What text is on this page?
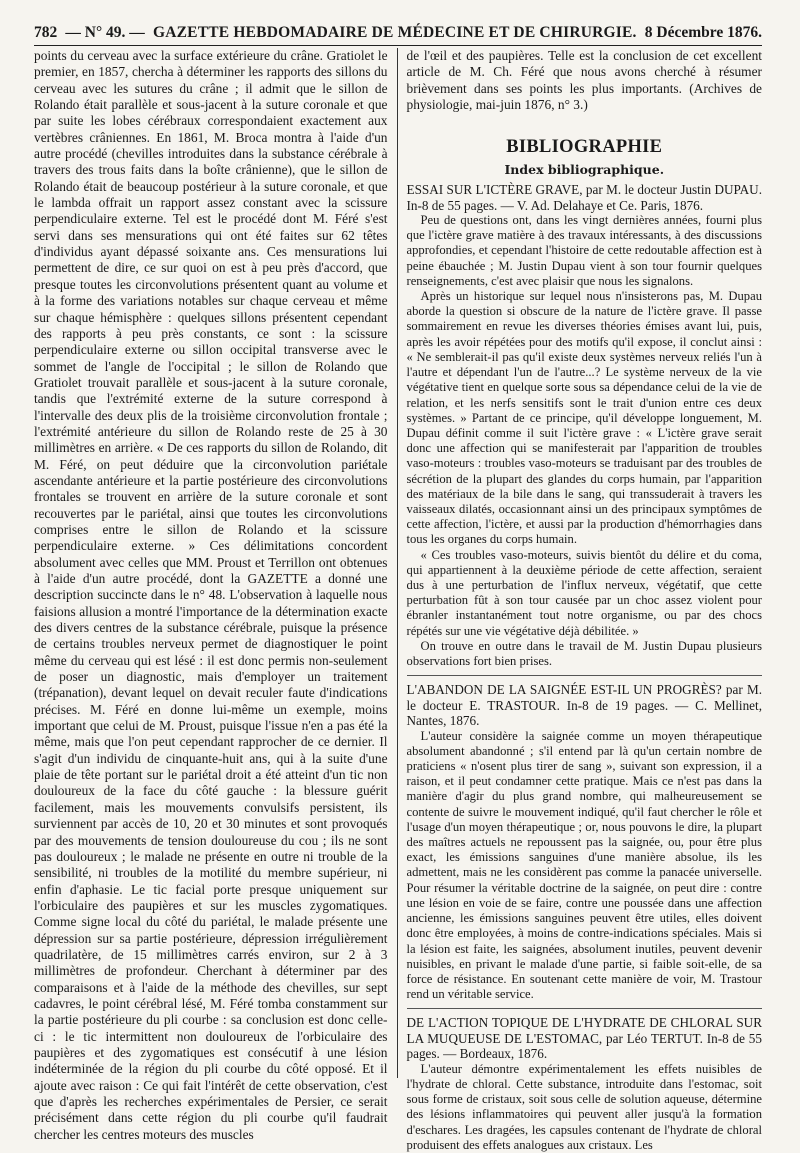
782 — N° 49. — GAZETTE HEBDOMADAIRE DE MÉDECINE ET DE CHIRURGIE. 8 Décembre 1876.

points du cerveau avec la surface extérieure du crâne. Gratiolet le premier, en 1857, chercha à déterminer les rapports des sillons du cerveau avec les sutures du crâne ; il admit que le sillon de Rolando était parallèle et sous-jacent à la suture coronale et que par suite les lobes cérébraux correspondaient exactement aux vertèbres crâniennes. En 1861, M. Broca montra à l'aide d'un autre procédé (chevilles introduites dans la substance cérébrale à travers des trous faits dans la boîte crânienne), que le sillon de Rolando était de beaucoup postérieur à la suture coronale, et que le lambda offrait un rapport assez constant avec la scissure perpendiculaire externe. Tel est le procédé dont M. Féré s'est servi dans ses mensurations qui ont été faites sur 62 têtes d'individus ayant dépassé soixante ans. Ces mensurations lui permettent de dire, ce sur quoi on est à peu près d'accord, que presque toutes les circonvolutions présentent quant au volume et à la forme des variations notables sur chaque cerveau et même sur chaque hémisphère : quelques sillons présentent cependant des rapports à peu près constants, ce sont : la scissure perpendiculaire externe ou sillon occipital transverse avec le sommet de l'angle de l'occipital ; le sillon de Rolando que Gratiolet trouvait parallèle et sous-jacent à la suture coronale, tandis que l'extrémité externe de la suture correspond à l'intervalle des deux plis de la troisième circonvolution frontale ; l'extrémité antérieure du sillon de Rolando reste de 25 à 30 millimètres en arrière. « De ces rapports du sillon de Rolando, dit M. Féré, on peut déduire que la circonvolution pariétale ascendante antérieure et la partie postérieure des circonvolutions frontales se trouvent en arrière de la suture coronale et sont recouvertes par le pariétal, ainsi que toutes les circonvolutions comprises entre le sillon de Rolando et la scissure perpendiculaire externe. » Ces délimitations concordent absolument avec celles que MM. Proust et Terrillon ont obtenues à l'aide d'un autre procédé, dont la GAZETTE a donné une description succincte dans le n° 48. L'observation à laquelle nous faisions allusion a montré l'importance de la détermination exacte des divers centres de la substance cérébrale, puisque la présence de certains troubles nerveux permet de diagnostiquer le point même du cerveau qui est lésé : il est donc permis non-seulement de poser un diagnostic, mais d'employer un traitement (trépanation), devant lequel on devait reculer faute d'indications précises. M. Féré en donne lui-même un exemple, moins important que celui de M. Proust, puisque l'issue n'en a pas été la même, mais que l'on peut cependant rapprocher de ce dernier. Il s'agit d'un individu de cinquante-huit ans, qui à la suite d'une plaie de tête portant sur le pariétal droit a été atteint d'un tic non douloureux de la face du côté gauche : la blessure guérit facilement, mais les mouvements convulsifs persistent, ils surviennent par accès de 10, 20 et 30 minutes et sont provoqués par des mouvements de tension douloureuse du cou ; ils ne sont pas douloureux ; le malade ne présente en outre ni trouble de la sensibilité, ni troubles de la motilité du membre supérieur, ni enfin d'aphasie. Le tic facial porte presque uniquement sur l'orbiculaire des paupières et sur les muscles zygomatiques. Comme signe local du côté du pariétal, le malade présente une dépression sur sa partie postérieure, dépression irrégulièrement quadrilatère, de 15 millimètres carrés environ, sur 2 à 3 millimètres de profondeur. Cherchant à déterminer par des comparaisons et à l'aide de la méthode des chevilles, sur sept cadavres, le point cérébral lésé, M. Féré tomba constamment sur la partie postérieure du pli courbe : sa conclusion est donc celle-ci : le tic intermittent non douloureux de l'orbiculaire des paupières et des zygomatiques est consécutif à une lésion indéterminée de la région du pli courbe du côté opposé. Et il ajoute avec raison : Ce qui fait l'intérêt de cette observation, c'est que d'après les recherches expérimentales de Persier, ce serait précisément dans cette région du pli courbe qu'il faudrait chercher les centres moteurs des muscles

de l'œil et des paupières. Telle est la conclusion de cet excellent article de M. Ch. Féré que nous avons cherché à résumer brièvement dans ses points les plus importants. (Archives de physiologie, mai-juin 1876, n° 3.)

BIBLIOGRAPHIE
Index bibliographique.

ESSAI SUR L'ICTÈRE GRAVE, par M. le docteur Justin DUPAU. In-8 de 55 pages. — V. Ad. Delahaye et Ce. Paris, 1876.

Peu de questions ont, dans les vingt dernières années, fourni plus que l'ictère grave matière à des travaux intéressants, à des discussions approfondies, et cependant l'histoire de cette redoutable affection est à peine ébauchée ; M. Justin Dupau vient à son tour fournir quelques renseignements, c'est avec plaisir que nous les signalons.

Après un historique sur lequel nous n'insisterons pas, M. Dupau aborde la question si obscure de la nature de l'ictère grave. Il passe sommairement en revue les diverses théories émises avant lui, puis, après les avoir répétées pour des motifs qu'il expose, il conclut ainsi : « Ne semblerait-il pas qu'il existe deux systèmes nerveux reliés l'un à l'autre et dépendant l'un de l'autre...? Le système nerveux de la vie végétative tient en quelque sorte sous sa dépendance celui de la vie de relation, et les nerfs sensitifs sont le trait d'union entre ces deux systèmes. » Partant de ce principe, qu'il développe longuement, M. Dupau définit comme il suit l'ictère grave : « L'ictère grave serait donc une affection qui se manifesterait par l'apparition de troubles vaso-moteurs : troubles vaso-moteurs se traduisant par des troubles de sécrétion de la plupart des glandes du corps humain, par l'apparition des matériaux de la bile dans le sang, qui transsuderait à travers les vaisseaux dilatés, occasionnant ainsi un des principaux symptômes de cette affection, l'ictère, et aussi par la production d'hémorrhagies dans tous les organes du corps humain.

« Ces troubles vaso-moteurs, suivis bientôt du délire et du coma, qui appartiennent à la deuxième période de cette affection, seraient dus à une perturbation de l'influx nerveux, végétatif, que cette perturbation fût à son tour causée par un choc assez violent pour ébranler instantanément tout notre organisme, ou par des chocs répétés sur une vie végétative déjà débilitée. »

On trouve en outre dans le travail de M. Justin Dupau plusieurs observations fort bien prises.

L'ABANDON DE LA SAIGNÉE EST-IL UN PROGRÈS? par M. le docteur E. TRASTOUR. In-8 de 19 pages. — C. Mellinet, Nantes, 1876.

L'auteur considère la saignée comme un moyen thérapeutique absolument abandonné ; s'il entend par là qu'un certain nombre de praticiens « n'osent plus tirer de sang », suivant son expression, il a raison, et il peut condamner cette pratique. Mais ce n'est pas dans la manière d'agir du plus grand nombre, qui malheureusement se contente de suivre le mouvement indiqué, qu'il faut chercher le rôle et l'usage d'un moyen thérapeutique ; or, nous pouvons le dire, la plupart des maîtres actuels ne repoussent pas la saignée, ou, pour être plus exact, les émissions sanguines d'une manière absolue, ils les admettent, mais ne les considèrent pas comme la panacée universelle. Pour résumer la véritable doctrine de la saignée, on peut dire : contre une lésion en voie de se faire, contre une poussée dans une affection ancienne, les émissions sanguines peuvent être utiles, elles doivent donc être employées, à moins de contre-indications spéciales. Mais si la lésion est faite, les saignées, absolument inutiles, peuvent devenir nuisibles, en privant le malade d'une partie, si faible soit-elle, de sa force de résistance. En soutenant cette manière de voir, M. Trastour rend un véritable service.

DE L'ACTION TOPIQUE DE L'HYDRATE DE CHLORAL SUR LA MUQUEUSE DE L'ESTOMAC, par Léo TERTUT. In-8 de 55 pages. — Bordeaux, 1876.

L'auteur démontre expérimentalement les effets nuisibles de l'hydrate de chloral. Cette substance, introduite dans l'estomac, soit sous forme de cristaux, soit sous celle de solution aqueuse, détermine des lésions inflammatoires qui peuvent aller jusqu'à la formation d'eschares. Les dragées, les capsules contenant de l'hydrate de chloral produisent des effets analogues aux cristaux. Les
